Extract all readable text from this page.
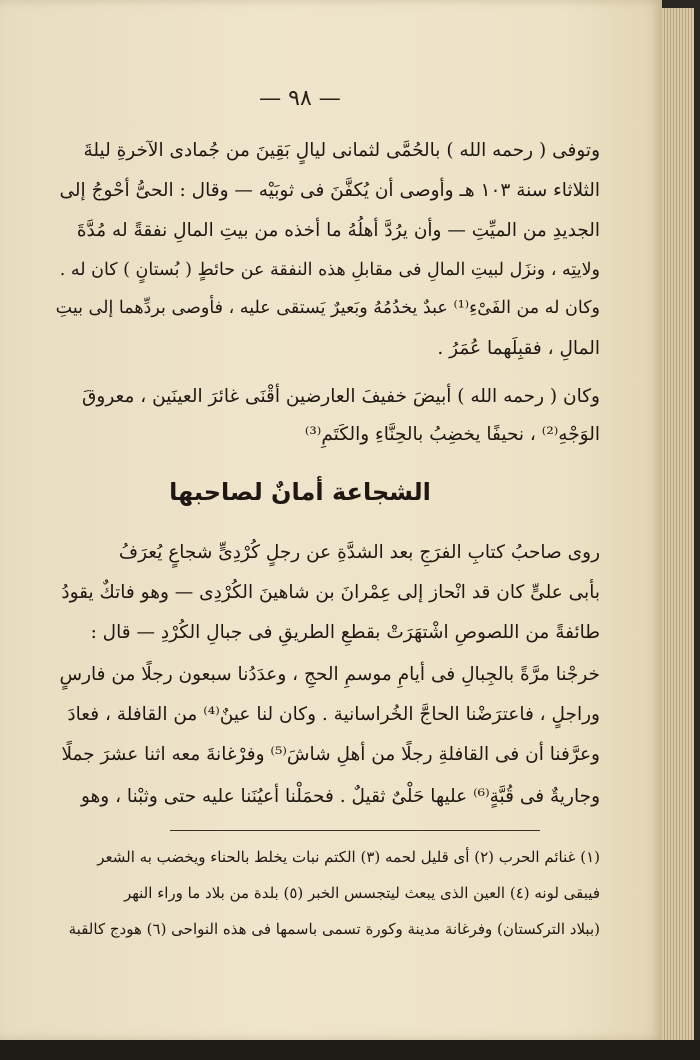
— ٩٨ —
وتوفى ( رحمه الله ) بالحُمَّى لثمانى ليالٍ بَقِينَ من جُمادى الآخرةِ ليلةَ
الثلاثاء سنة ١٠٣ هـ وأوصى أن يُكفَّنَ فى ثوبَيْه — وقال : الحىُّ أحْوجُ إلى
الجديدِ من الميِّتِ — وأن يرُدَّ أهلُهُ ما أخذه من بيتِ المالِ نفقةً له مُدَّةَ
ولايتِه ، ونزَل لبيتِ المالِ فى مقابلِ هذه النفقة عن حائطٍ ( بُستانٍ ) كان له .
وكان له من الفَىْءِ⁽¹⁾ عبدٌ يخدُمُهُ وبَعيرٌ يَستقى عليه ، فأوصى بردِّهما إلى بيتِ
المالِ ، فقبِلَهما عُمَرُ .
وكان ( رحمه الله ) أبيضَ خفيفَ العارضين أقْنَى غائرَ العينَين ، معروقَ
الوَجْهِ⁽²⁾ ، نحيفًا يخضِبُ بالحِنَّاءِ والكَتَمِ⁽³⁾
الشجاعة أمانٌ لصاحبها
روى صاحبُ كتابِ الفرَجِ بعد الشدَّةِ عن رجلٍ كُرْدِىٍّ شجاعٍ يُعرَفُ
بأبى علىٍّ كان قد انْحاز إلى عِمْرانَ بن شاهينَ الكُرْدِى — وهو فاتكٌ يقودُ
طائفةً من اللصوصِ اشْتهَرَتْ بقطعِ الطريقِ فى جبالِ الكُرْدِ — قال :
خرجْنا مرَّةً بالجِبالِ فى أيامِ موسمِ الحجِ ، وعدَدُنا سبعون رجلًا من فارسٍ
وراجلٍ ، فاعترَضْنا الحاجَّ الخُراسانية . وكان لنا عينٌ⁽⁴⁾ من القافلة ، فعادَ
وعرَّفنا أن فى القافلةِ رجلًا من أهلِ شاشَ⁽⁵⁾ وفرْغانةَ معه اثنا عشرَ جملًا
وجاريةٌ فى قُبَّةٍ⁽⁶⁾ عليها حَلْىٌ ثقيلٌ . فحمَلْنا أعيُنَنا عليه حتى وثبْنا ، وهو
(١) غنائم الحرب (٢) أى قليل لحمه (٣) الكتم نبات يخلط بالحناء ويخضب به الشعر
فيبقى لونه (٤) العين الذى يبعث ليتجسس الخبر (٥) بلدة من بلاد ما وراء النهر
(ببلاد التركستان) وفرغانة مدينة وكورة تسمى باسمها فى هذه النواحى (٦) هودج كالقبة
